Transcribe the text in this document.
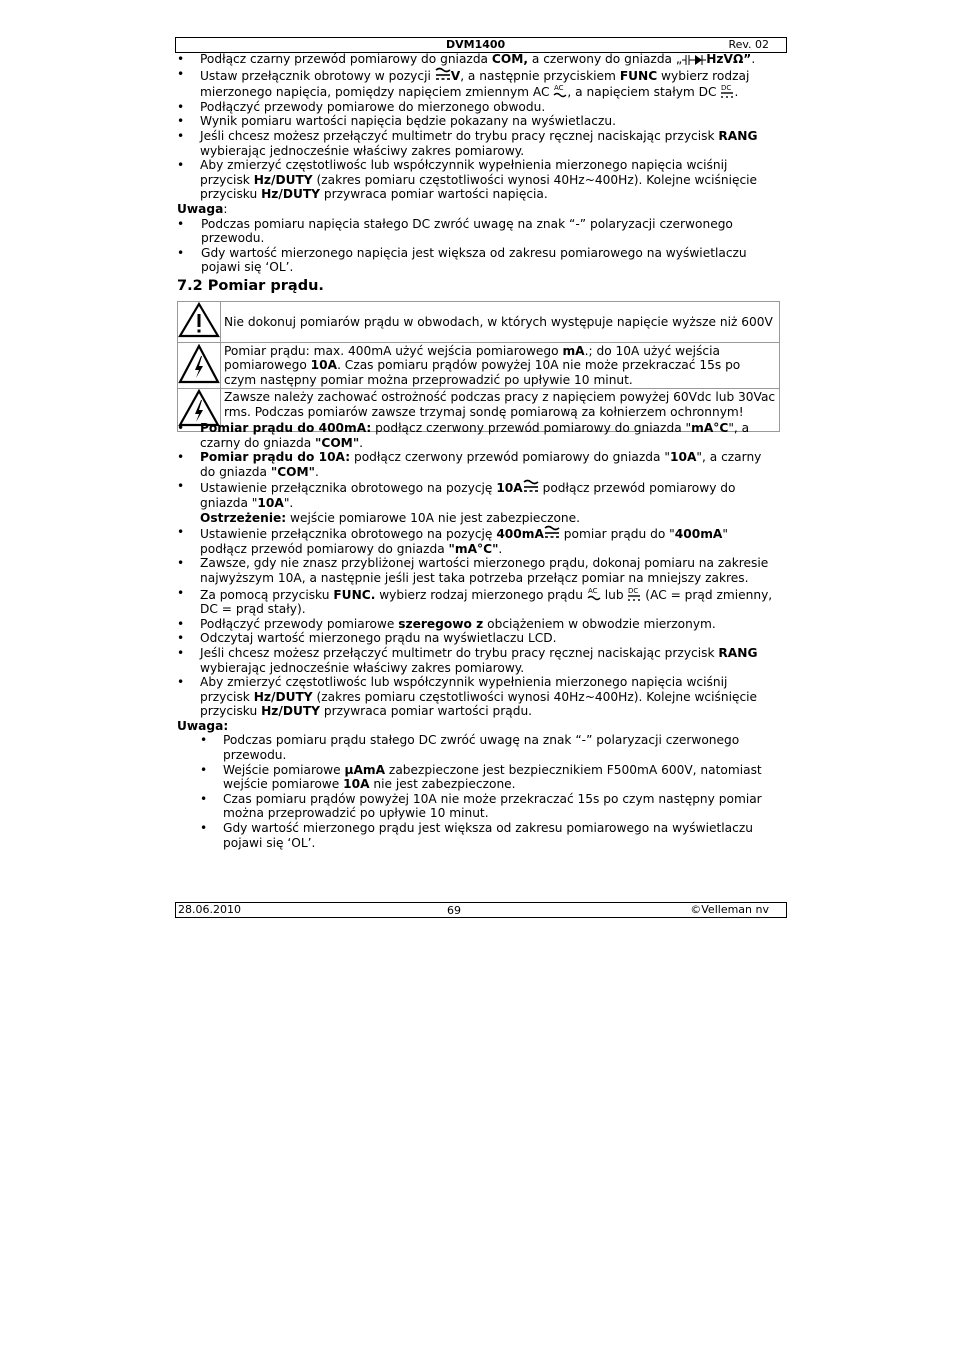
DVM1400	Rev. 02
• Podłącz czarny przewód pomiarowy do gniazda COM, a czerwony do gniazda „ HzVΩ”.
• Ustaw przełącznik obrotowy w pozycji V, a następnie przyciskiem FUNC wybierz rodzaj mierzonego napięcia, pomiędzy napięciem zmiennym AC AC , a napięciem stałym DC DC .
• Podłączyć przewody pomiarowe do mierzonego obwodu.
• Wynik pomiaru wartości napięcia będzie pokazany na wyświetlaczu.
• Jeśli chcesz możesz przełączyć multimetr do trybu pracy ręcznej naciskając przycisk RANG wybierając jednocześnie właściwy zakres pomiarowy.
• Aby zmierzyć częstotliwośc lub współczynnik wypełnienia mierzonego napięcia wciśnij przycisk Hz/DUTY (zakres pomiaru częstotliwości wynosi 40Hz~400Hz). Kolejne wciśnięcie przycisku Hz/DUTY przywraca pomiar wartości napięcia.
Uwaga:
• Podczas pomiaru napięcia stałego DC zwróć uwagę na znak “-” polaryzacji czerwonego przewodu.
• Gdy wartość mierzonego napięcia jest większa od zakresu pomiarowego na wyświetlaczu pojawi się ‘OL’.
7.2 Pomiar prądu.
	Nie dokonuj pomiarów prądu w obwodach, w których występuje napięcie wyższe niż 600V
	Pomiar prądu: max. 400mA użyć wejścia pomiarowego mA.; do 10A użyć wejścia pomiarowego 10A. Czas pomiaru prądów powyżej 10A nie może przekraczać 15s po czym następny pomiar można przeprowadzić po upływie 10 minut.
	Zawsze należy zachować ostrożność podczas pracy z napięciem powyżej 60Vdc lub 30Vac rms. Podczas pomiarów zawsze trzymaj sondę pomiarową za kołnierzem ochronnym!
• Pomiar prądu do 400mA: podłącz czerwony przewód pomiarowy do gniazda "mA°C", a czarny do gniazda "COM".
• Pomiar prądu do 10A: podłącz czerwony przewód pomiarowy do gniazda "10A", a czarny do gniazda "COM".
• Ustawienie przełącznika obrotowego na pozycję 10A podłącz przewód pomiarowy do gniazda "10A".
Ostrzeżenie: wejście pomiarowe 10A nie jest zabezpieczone.
• Ustawienie przełącznika obrotowego na pozycję 400mA pomiar prądu do "400mA" podłącz przewód pomiarowy do gniazda "mA°C".
• Zawsze, gdy nie znasz przybliżonej wartości mierzonego prądu, dokonaj pomiaru na zakresie najwyższym 10A, a następnie jeśli jest taka potrzeba przełącz pomiar na mniejszy zakres.
• Za pomocą przycisku FUNC. wybierz rodzaj mierzonego prądu AC lub DC (AC = prąd zmienny, DC = prąd stały).
• Podłączyć przewody pomiarowe szeregowo z obciążeniem w obwodzie mierzonym.
• Odczytaj wartość mierzonego prądu na wyświetlaczu LCD.
• Jeśli chcesz możesz przełączyć multimetr do trybu pracy ręcznej naciskając przycisk RANG wybierając jednocześnie właściwy zakres pomiarowy.
• Aby zmierzyć częstotliwośc lub współczynnik wypełnienia mierzonego napięcia wciśnij przycisk Hz/DUTY (zakres pomiaru częstotliwości wynosi 40Hz~400Hz). Kolejne wciśnięcie przycisku Hz/DUTY przywraca pomiar wartości prądu.
Uwaga:
• Podczas pomiaru prądu stałego DC zwróć uwagę na znak “-” polaryzacji czerwonego przewodu.
• Wejście pomiarowe µAmA zabezpieczone jest bezpiecznikiem F500mA 600V, natomiast wejście pomiarowe 10A nie jest zabezpieczone.
• Czas pomiaru prądów powyżej 10A nie może przekraczać 15s po czym następny pomiar można przeprowadzić po upływie 10 minut.
• Gdy wartość mierzonego prądu jest większa od zakresu pomiarowego na wyświetlaczu pojawi się ‘OL’.
28.06.2010	69	©Velleman nv
